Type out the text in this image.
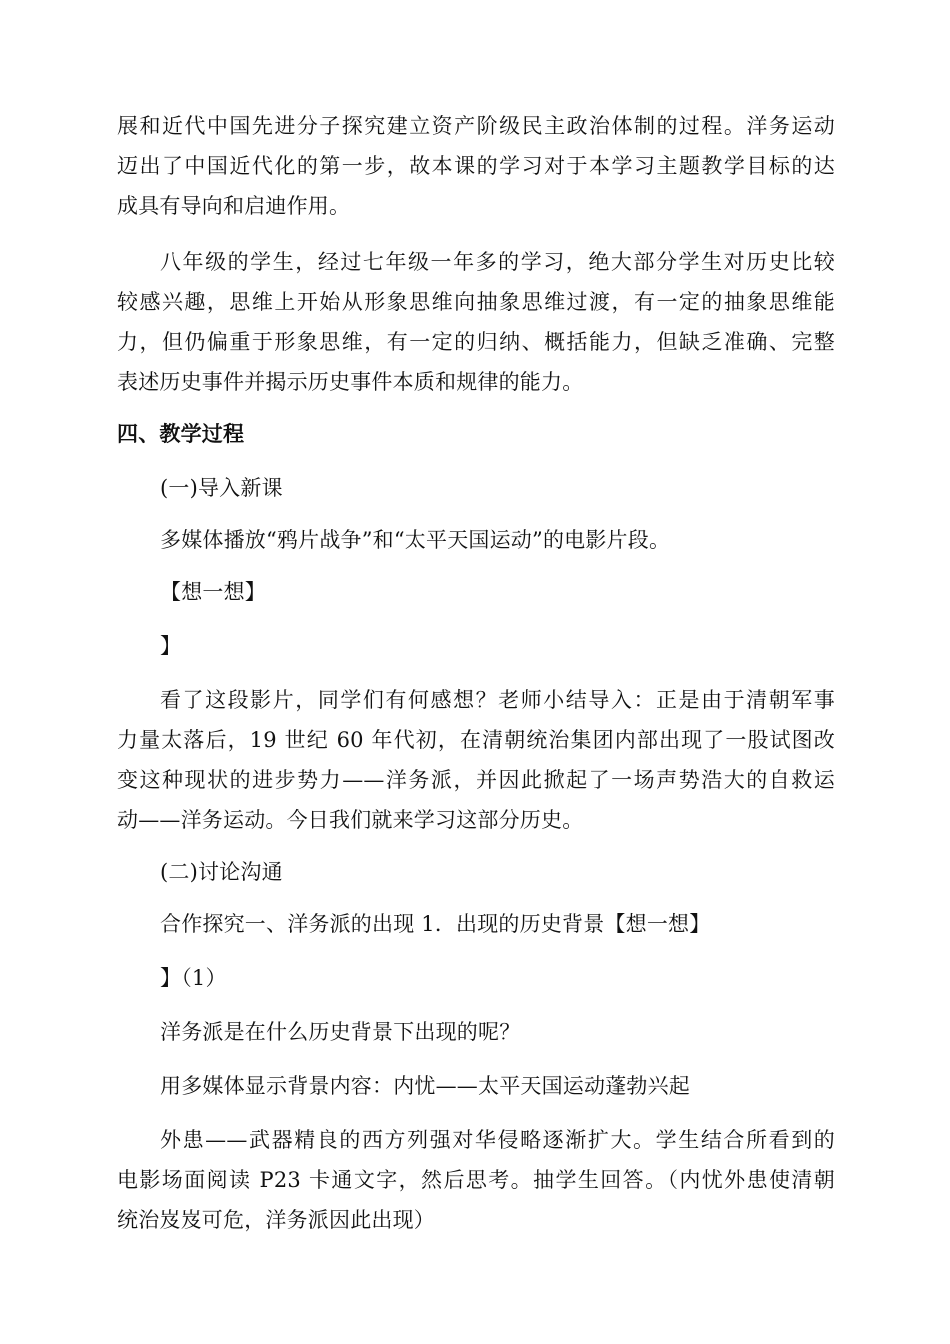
展和近代中国先进分子探究建立资产阶级民主政治体制的过程。洋务运动
迈出了中国近代化的第一步，故本课的学习对于本学习主题教学目标的达
成具有导向和启迪作用。
八年级的学生，经过七年级一年多的学习，绝大部分学生对历史比较
较感兴趣，思维上开始从形象思维向抽象思维过渡，有一定的抽象思维能
力，但仍偏重于形象思维，有一定的归纳、概括能力，但缺乏准确、完整
表述历史事件并揭示历史事件本质和规律的能力。
四、教学过程
(一)导入新课
多媒体播放“鸦片战争”和“太平天国运动”的电影片段。
【想一想】
】
看了这段影片，同学们有何感想？老师小结导入：正是由于清朝军事
力量太落后，19 世纪 60 年代初，在清朝统治集团内部出现了一股试图改
变这种现状的进步势力——洋务派，并因此掀起了一场声势浩大的自救运
动——洋务运动。今日我们就来学习这部分历史。
(二)讨论沟通
合作探究一、洋务派的出现 1．出现的历史背景【想一想】
】（1）
洋务派是在什么历史背景下出现的呢？
用多媒体显示背景内容：内忧——太平天国运动蓬勃兴起
外患——武器精良的西方列强对华侵略逐渐扩大。学生结合所看到的
电影场面阅读 P23 卡通文字，然后思考。抽学生回答。（内忧外患使清朝
统治岌岌可危，洋务派因此出现）
